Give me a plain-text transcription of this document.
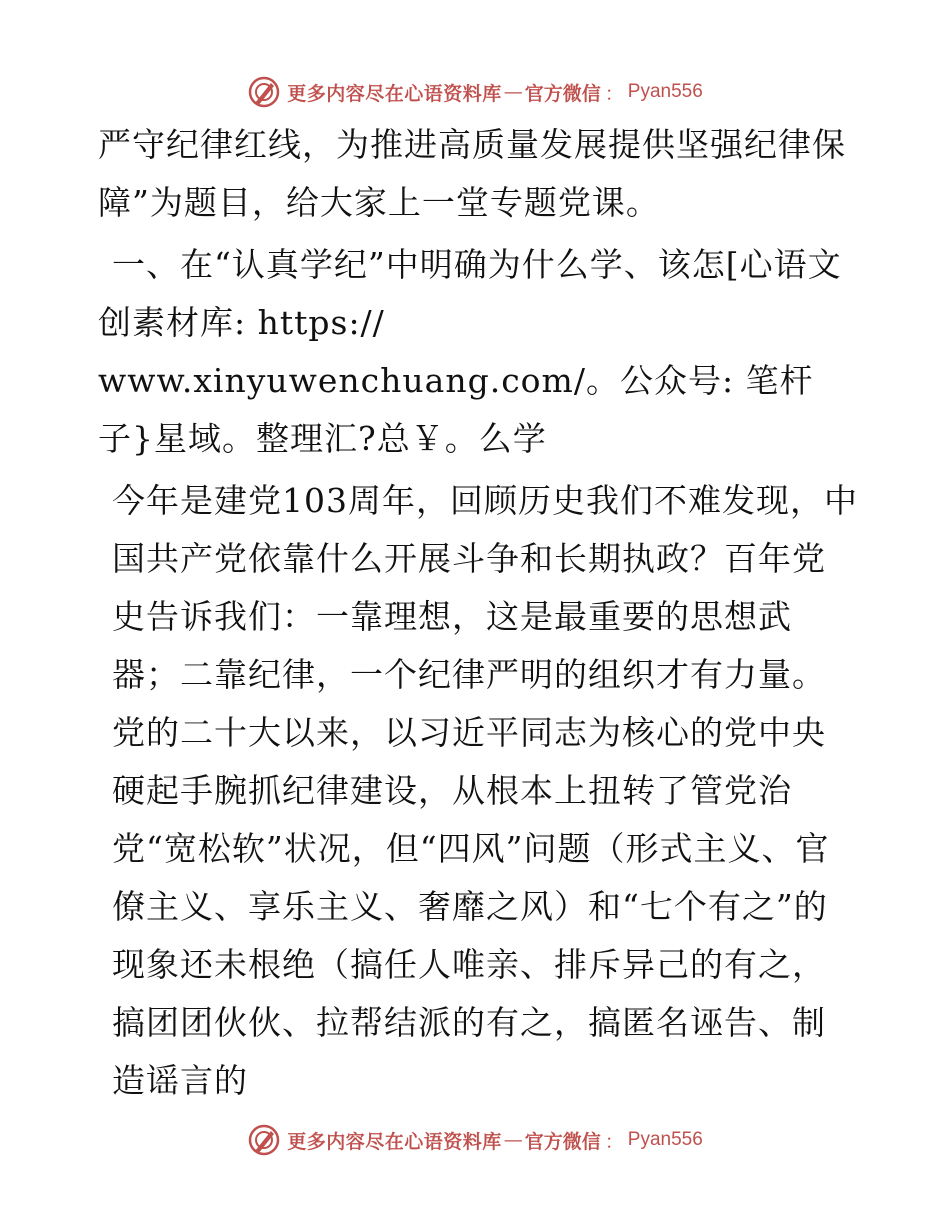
更多内容尽在心语资料库 — 官方微信 ： Pyan556

严守纪律红线，为推进高质量发展提供坚强纪律保障”为题目，给大家上一堂专题党课。

一、在“认真学纪”中明确为什么学、该怎[心语文创素材库: https://
www.xinyuwenchuang.com/。公众号: 笔杆子}星域。整理汇?总￥。么学

今年是建党103周年，回顾历史我们不难发现，中国共产党依靠什么开展斗争和长期执政？百年党史告诉我们：一靠理想，这是最重要的思想武器；二靠纪律，一个纪律严明的组织才有力量。党的二十大以来，以习近平同志为核心的党中央硬起手腕抓纪律建设，从根本上扭转了管党治党“宽松软”状况，但“四风”问题（形式主义、官僚主义、享乐主义、奢靡之风）和“七个有之”的现象还未根绝（搞任人唯亲、排斥异己的有之，搞团团伙伙、拉帮结派的有之，搞匿名诬告、制造谣言的

更多内容尽在心语资料库 — 官方微信 ： Pyan556
